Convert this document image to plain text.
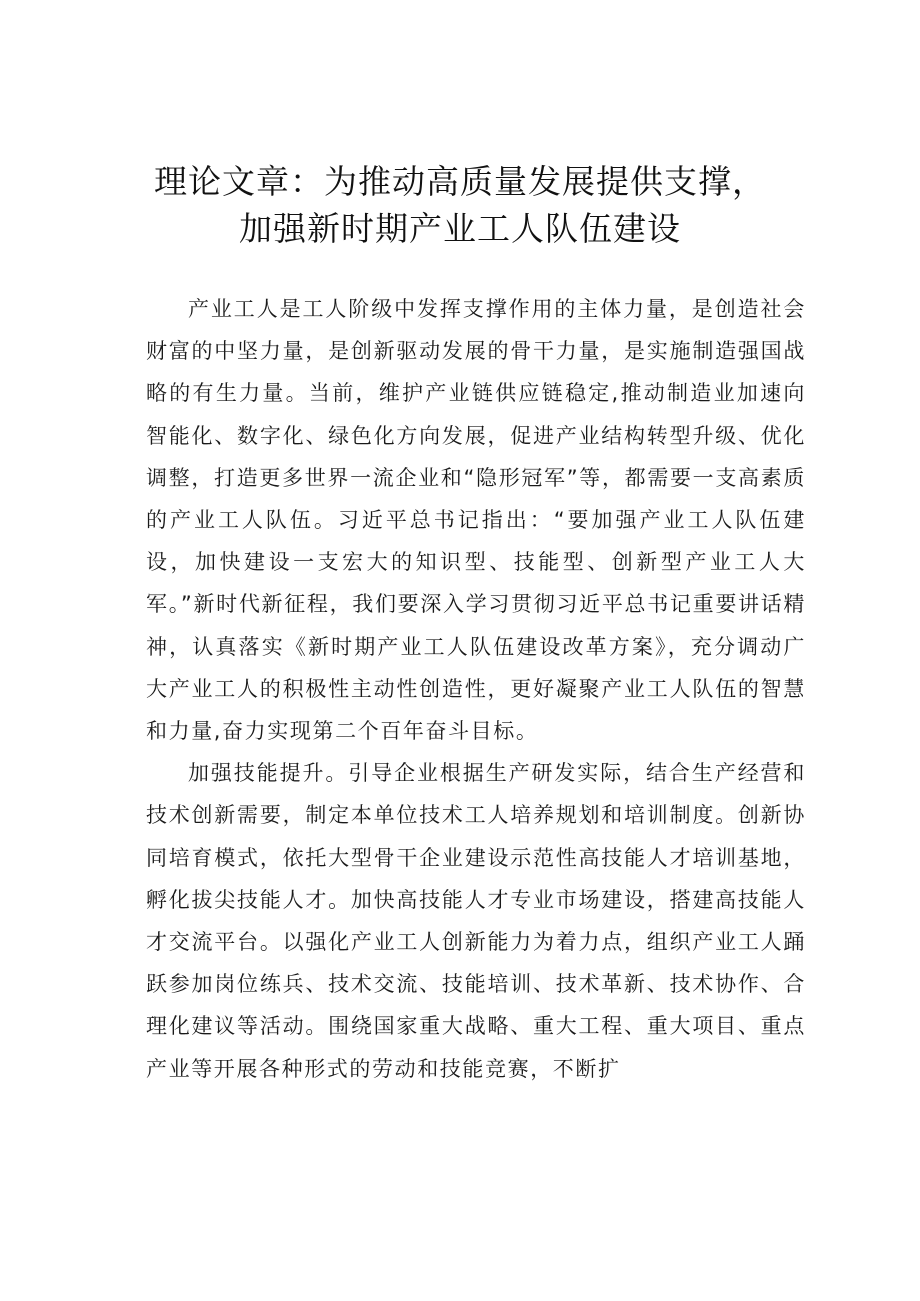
理论文章：为推动高质量发展提供支撑，
加强新时期产业工人队伍建设

产业工人是工人阶级中发挥支撑作用的主体力量，是创造社会财富的中坚力量，是创新驱动发展的骨干力量，是实施制造强国战略的有生力量。当前，维护产业链供应链稳定,推动制造业加速向智能化、数字化、绿色化方向发展，促进产业结构转型升级、优化调整，打造更多世界一流企业和“隐形冠军”等，都需要一支高素质的产业工人队伍。习近平总书记指出：“要加强产业工人队伍建设，加快建设一支宏大的知识型、技能型、创新型产业工人大军。”新时代新征程，我们要深入学习贯彻习近平总书记重要讲话精神，认真落实《新时期产业工人队伍建设改革方案》，充分调动广大产业工人的积极性主动性创造性，更好凝聚产业工人队伍的智慧和力量,奋力实现第二个百年奋斗目标。

加强技能提升。引导企业根据生产研发实际，结合生产经营和技术创新需要，制定本单位技术工人培养规划和培训制度。创新协同培育模式，依托大型骨干企业建设示范性高技能人才培训基地，孵化拔尖技能人才。加快高技能人才专业市场建设，搭建高技能人才交流平台。以强化产业工人创新能力为着力点，组织产业工人踊跃参加岗位练兵、技术交流、技能培训、技术革新、技术协作、合理化建议等活动。围绕国家重大战略、重大工程、重大项目、重点产业等开展各种形式的劳动和技能竞赛，不断扩
